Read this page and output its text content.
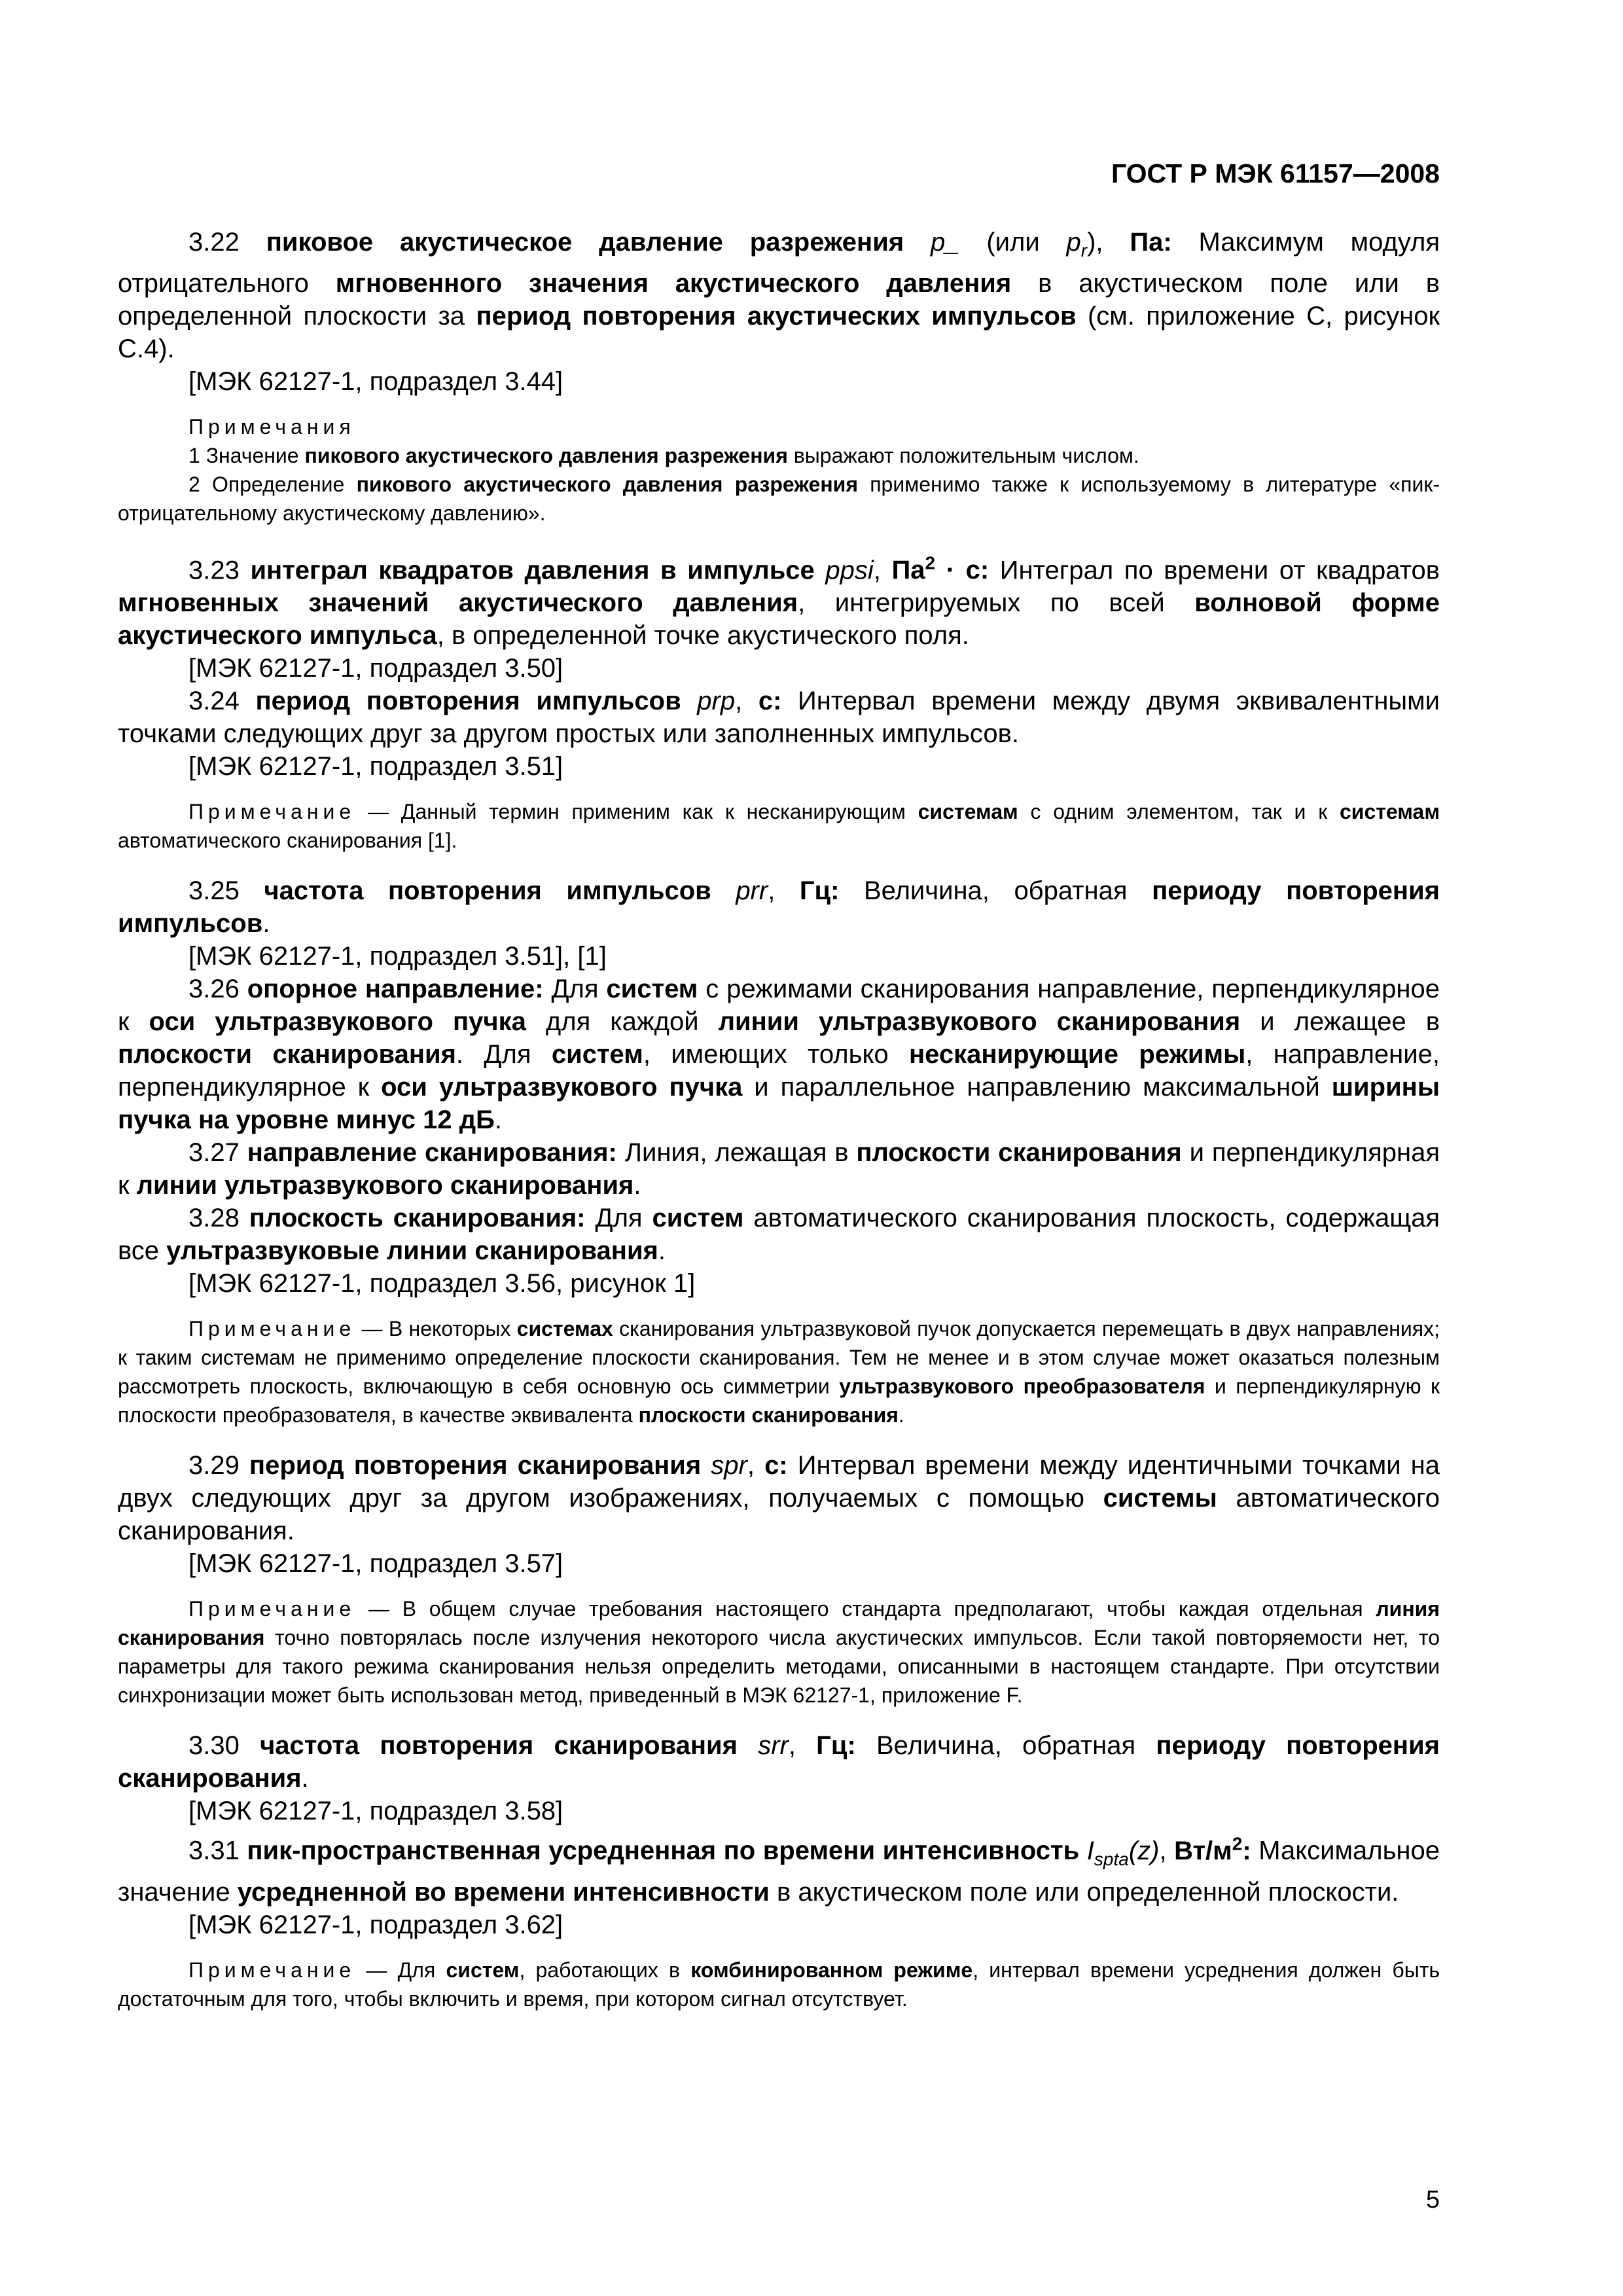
ГОСТ Р МЭК 61157—2008

3.22 пиковое акустическое давление разрежения p_ (или $p_r$), Па: Максимум модуля отрицательного мгновенного значения акустического давления в акустическом поле или в определенной плоскости за период повторения акустических импульсов (см. приложение С, рисунок С.4).

[МЭК 62127-1, подраздел 3.44]

Примечания

1 Значение пикового акустического давления разрежения выражают положительным числом.

2 Определение пикового акустического давления разрежения применимо также к используемому в литературе «пик-отрицательному акустическому давлению».

3.23 интеграл квадратов давления в импульсе ppsi, $Па^2 \cdot с$: Интеграл по времени от квадратов мгновенных значений акустического давления, интегрируемых по всей волновой форме акустического импульса, в определенной точке акустического поля.

[МЭК 62127-1, подраздел 3.50]

3.24 период повторения импульсов prp, с: Интервал времени между двумя эквивалентными точками следующих друг за другом простых или заполненных импульсов.

[МЭК 62127-1, подраздел 3.51]

Примечание — Данный термин применим как к несканирующим системам с одним элементом, так и к системам автоматического сканирования [1].

3.25 частота повторения импульсов prr, Гц: Величина, обратная периоду повторения импульсов.

[МЭК 62127-1, подраздел 3.51], [1]

3.26 опорное направление: Для систем с режимами сканирования направление, перпендикулярное к оси ультразвукового пучка для каждой линии ультразвукового сканирования и лежащее в плоскости сканирования. Для систем, имеющих только несканирующие режимы, направление, перпендикулярное к оси ультразвукового пучка и параллельное направлению максимальной ширины пучка на уровне минус 12 дБ.

3.27 направление сканирования: Линия, лежащая в плоскости сканирования и перпендикулярная к линии ультразвукового сканирования.

3.28 плоскость сканирования: Для систем автоматического сканирования плоскость, содержащая все ультразвуковые линии сканирования.

[МЭК 62127-1, подраздел 3.56, рисунок 1]

Примечание — В некоторых системах сканирования ультразвуковой пучок допускается перемещать в двух направлениях; к таким системам не применимо определение плоскости сканирования. Тем не менее и в этом случае может оказаться полезным рассмотреть плоскость, включающую в себя основную ось симметрии ультразвукового преобразователя и перпендикулярную к плоскости преобразователя, в качестве эквивалента плоскости сканирования.

3.29 период повторения сканирования spr, с: Интервал времени между идентичными точками на двух следующих друг за другом изображениях, получаемых с помощью системы автоматического сканирования.

[МЭК 62127-1, подраздел 3.57]

Примечание — В общем случае требования настоящего стандарта предполагают, чтобы каждая отдельная линия сканирования точно повторялась после излучения некоторого числа акустических импульсов. Если такой повторяемости нет, то параметры для такого режима сканирования нельзя определить методами, описанными в настоящем стандарте. При отсутствии синхронизации может быть использован метод, приведенный в МЭК 62127-1, приложение F.

3.30 частота повторения сканирования srr, Гц: Величина, обратная периоду повторения сканирования.

[МЭК 62127-1, подраздел 3.58]

3.31 пик-пространственная усредненная по времени интенсивность $I_{spta}(z)$, $Вт/м^2$: Максимальное значение усредненной во времени интенсивности в акустическом поле или определенной плоскости.

[МЭК 62127-1, подраздел 3.62]

Примечание — Для систем, работающих в комбинированном режиме, интервал времени усреднения должен быть достаточным для того, чтобы включить и время, при котором сигнал отсутствует.

5
